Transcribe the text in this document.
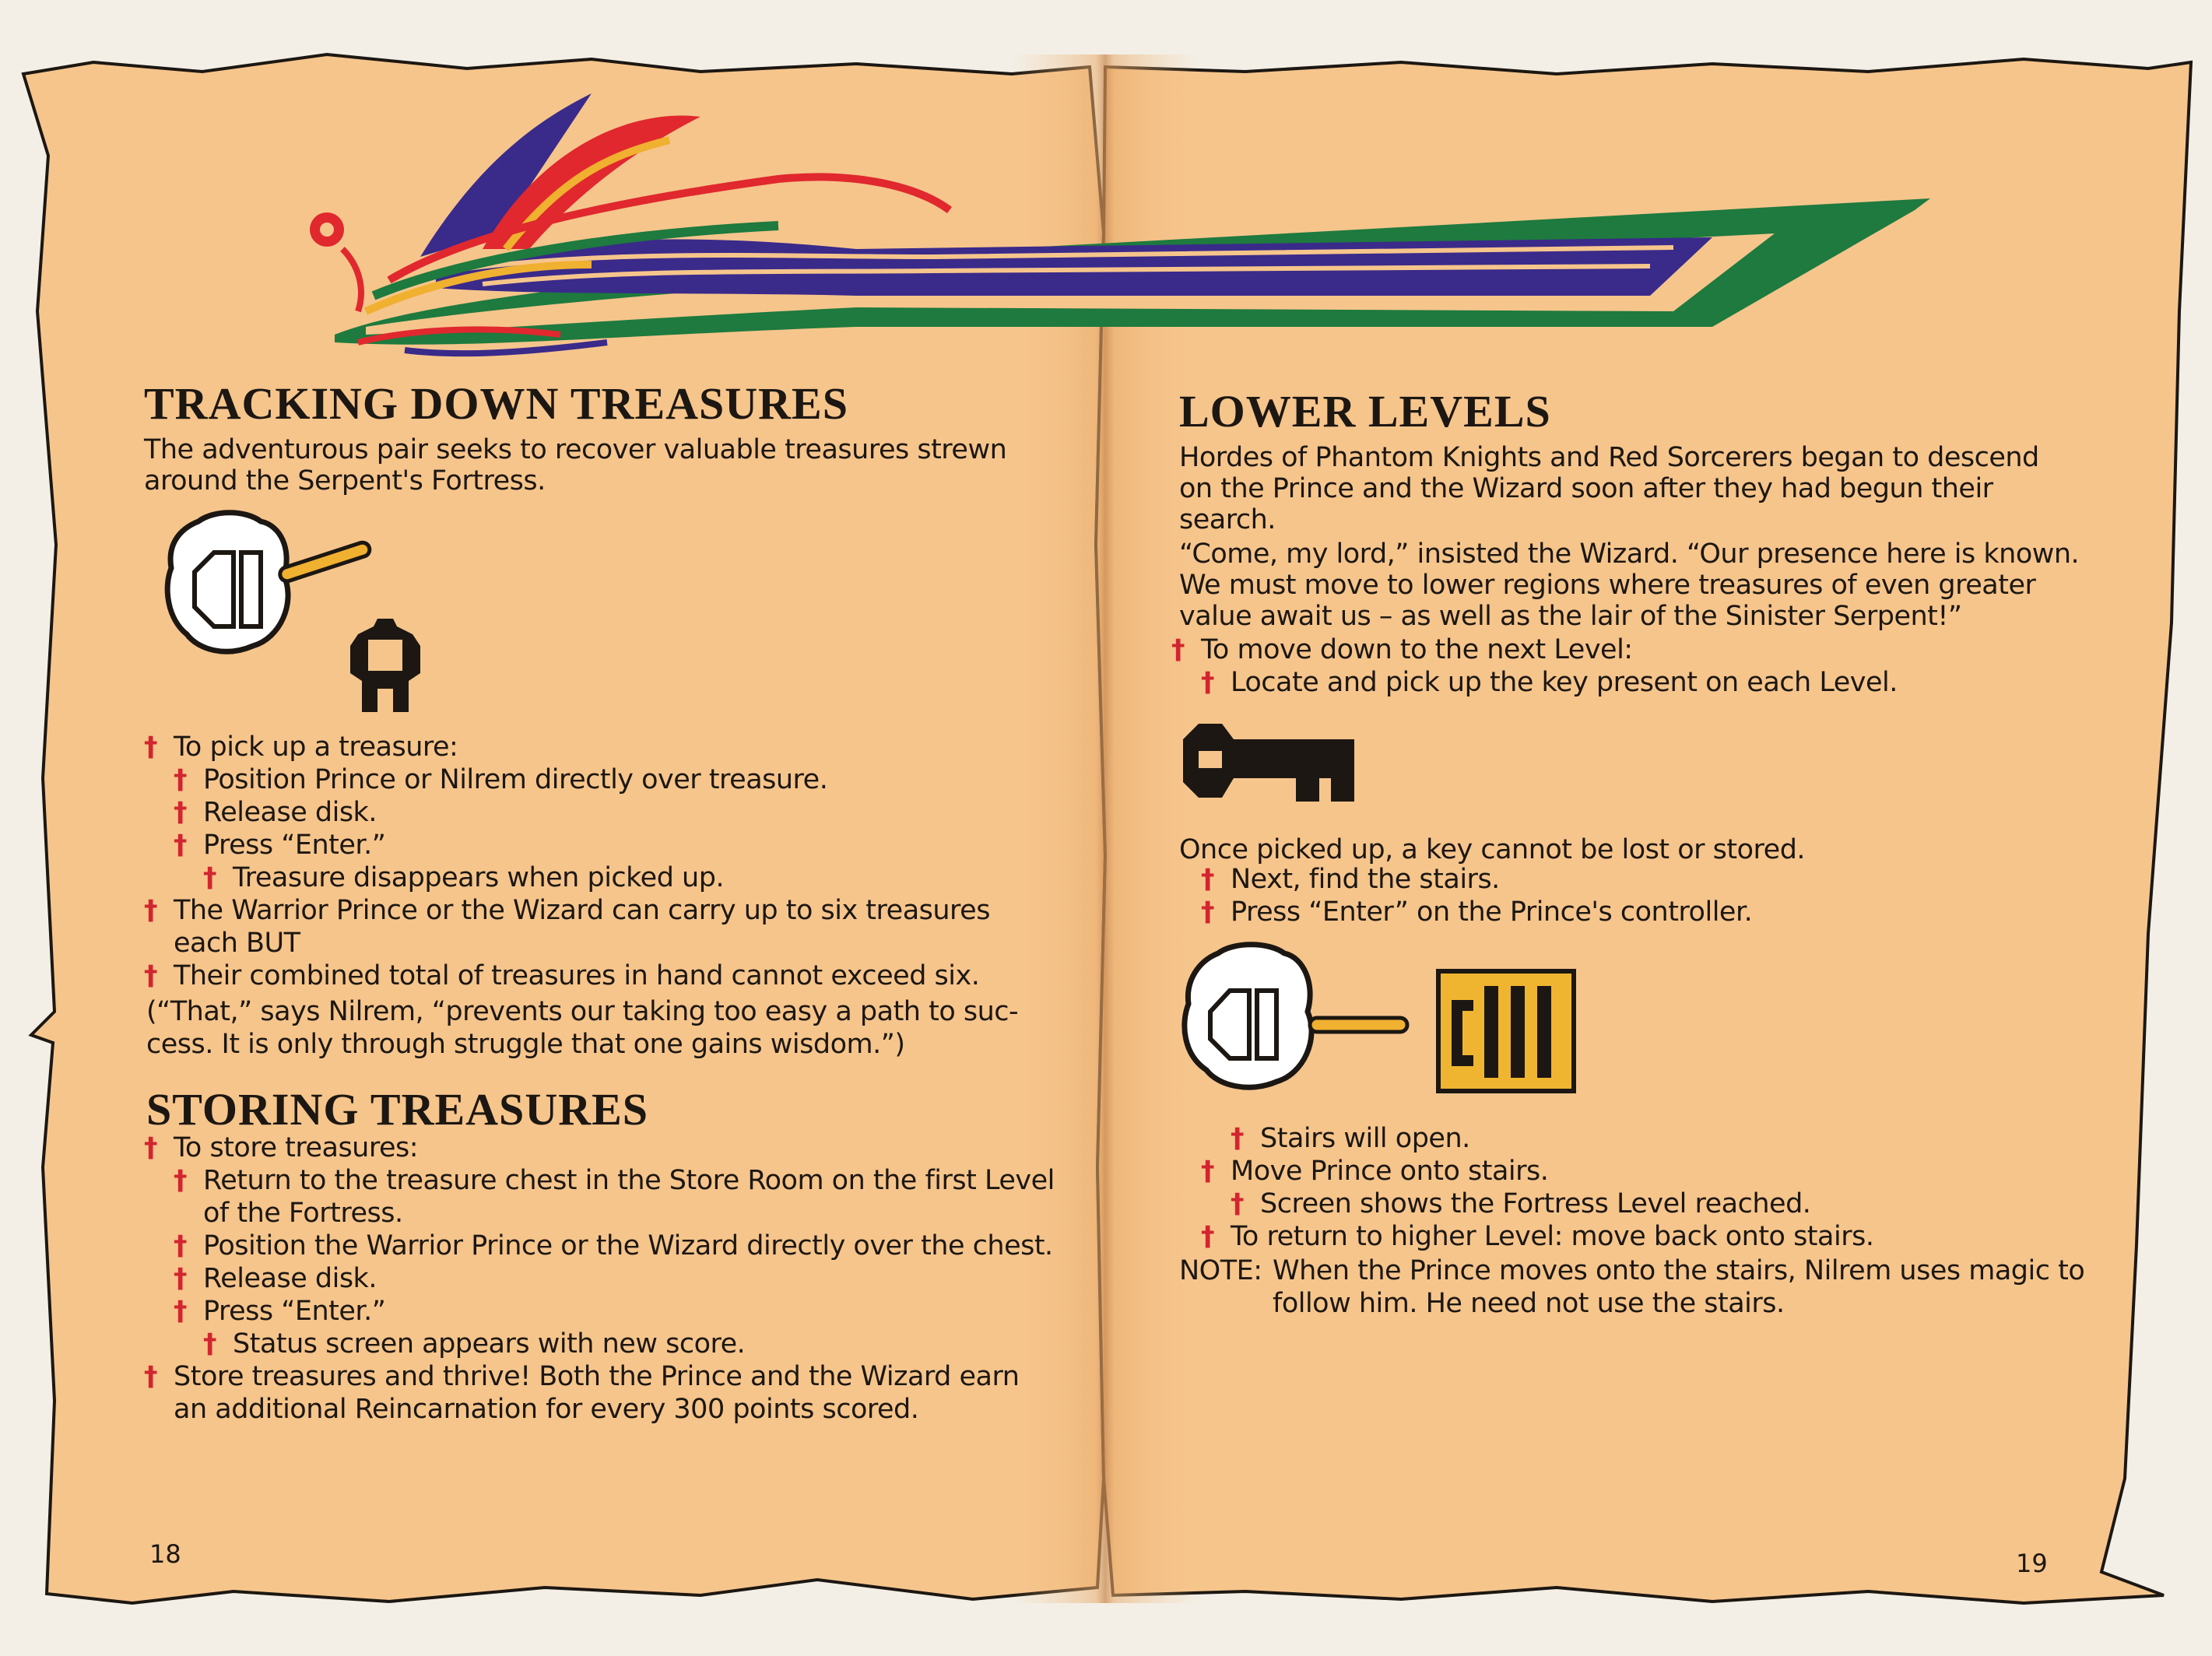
TRACKING DOWN TREASURES

The adventurous pair seeks to recover valuable treasures strewn

around the Serpent's Fortress.

† To pick up a treasure:
† Position Prince or Nilrem directly over treasure.
† Release disk.
† Press “Enter.”
† Treasure disappears when picked up.
† The Warrior Prince or the Wizard can carry up to six treasures
each BUT
† Their combined total of treasures in hand cannot exceed six.
(“That,” says Nilrem, “prevents our taking too easy a path to suc-
cess. It is only through struggle that one gains wisdom.”)
STORING TREASURES
† To store treasures:
† Return to the treasure chest in the Store Room on the first Level
of the Fortress.
† Position the Warrior Prince or the Wizard directly over the chest.
† Release disk.
† Press “Enter.”
† Status screen appears with new score.
† Store treasures and thrive! Both the Prince and the Wizard earn
an additional Reincarnation for every 300 points scored.
18
LOWER LEVELS

Hordes of Phantom Knights and Red Sorcerers began to descend

on the Prince and the Wizard soon after they had begun their

search.

“Come, my lord,” insisted the Wizard. “Our presence here is known.

We must move to lower regions where treasures of even greater

value await us – as well as the lair of the Sinister Serpent!”

† To move down to the next Level:
† Locate and pick up the key present on each Level.
Once picked up, a key cannot be lost or stored.
† Next, find the stairs.
† Press “Enter” on the Prince's controller.
† Stairs will open.
† Move Prince onto stairs.
† Screen shows the Fortress Level reached.
† To return to higher Level: move back onto stairs.
NOTE: When the Prince moves onto the stairs, Nilrem uses magic to
follow him. He need not use the stairs.
19
